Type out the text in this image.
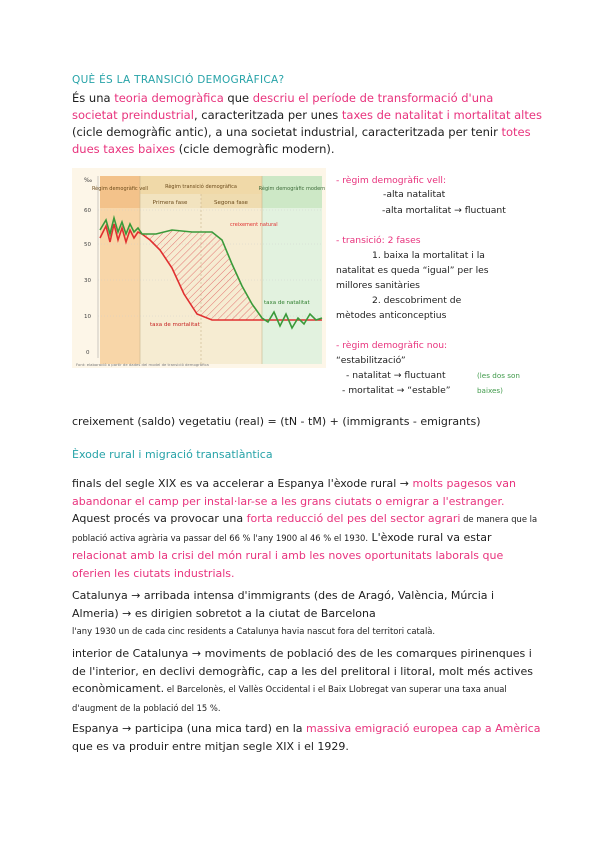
QUÈ ÉS LA TRANSICIÓ DEMOGRÀFICA?
És una teoria demogràfica que descriu el període de transformació d'una societat preindustrial, caracteritzada per unes taxes de natalitat i mortalitat altes (cicle demogràfic antic), a una societat industrial, caracteritzada per tenir totes dues taxes baixes (cicle demogràfic modern).
Règim demogràfic vell	Règim transició demogràfica
Primera fase	Segona fase
Règim demogràfic modern
‰
60
50
30
10
0
creixement natural
taxa de natalitat
taxa de mortalitat
Font: elaboració a partir de dades del model de transició demogràfica
- règim demogràfic vell:
-alta natalitat
-alta mortalitat → fluctuant
- transició: 2 fases
1. baixa la mortalitat i la
natalitat es queda “igual” per les
millores sanitàries
2. descobriment de
mètodes anticonceptius
- règim demogràfic nou:
“estabilització”
- natalitat → fluctuant
- mortalitat → “estable”
(les dos son baixes)
creixement (saldo) vegetatiu (real) = (tN - tM) + (immigrants - emigrants)
Èxode rural i migració transatlàntica
finals del segle XIX es va accelerar a Espanya l'èxode rural → molts pagesos van abandonar el camp per instal·lar-se a les grans ciutats o emigrar a l'estranger. Aquest procés va provocar una forta reducció del pes del sector agrari de manera que la població activa agrària va passar del 66 % l'any 1900 al 46 % el 1930. L'èxode rural va estar relacionat amb la crisi del món rural i amb les noves oportunitats laborals que oferien les ciutats industrials.
Catalunya → arribada intensa d'immigrants (des de Aragó, València, Múrcia i Almeria) → es dirigien sobretot a la ciutat de Barcelona
l'any 1930 un de cada cinc residents a Catalunya havia nascut fora del territori català.
interior de Catalunya → moviments de població des de les comarques pirinenques i de l'interior, en declivi demogràfic, cap a les del prelitoral i litoral, molt més actives econòmicament. el Barcelonès, el Vallès Occidental i el Baix Llobregat van superar una taxa anual d'augment de la població del 15 %.
Espanya → participa (una mica tard) en la massiva emigració europea cap a Amèrica que es va produir entre mitjan segle XIX i el 1929.
